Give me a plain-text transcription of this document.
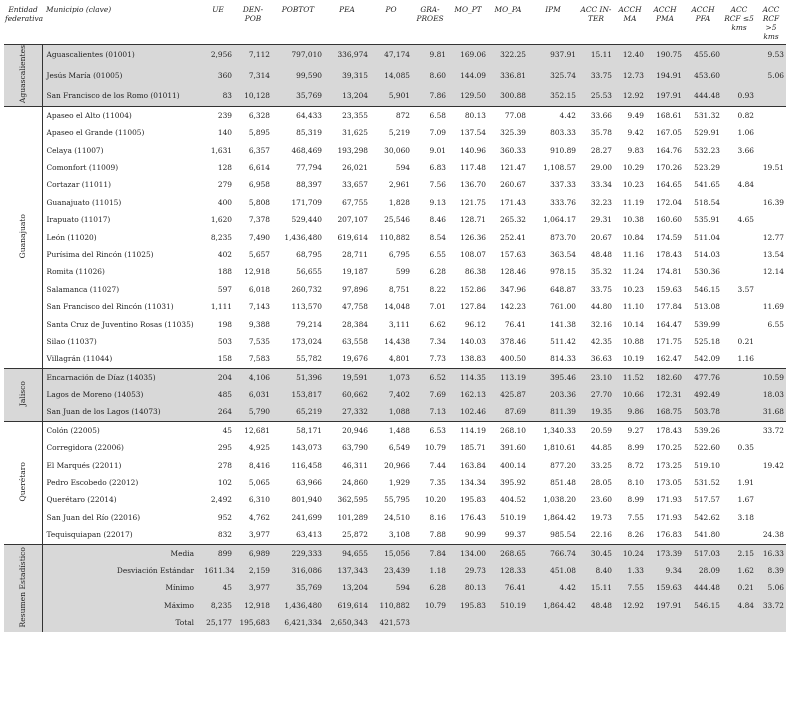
Entidad federativa	Municipio (clave)	UE	DEN-POB	POBTOT	PEA	PO	GRA-PROES	MO_PT	MO_PA	IPM	ACC IN-TER	ACCH MA	ACCH PMA	ACCH PFA	ACC RCF ≤5 kms	ACC RCF >5 kms
Aguascalientes	Aguascalientes (01001)	2,956	7,112	797,010	336,974	47,174	9.81	169.06	322.25	937.91	15.11	12.40	190.75	455.60		9.53
	Jesús María (01005)	360	7,314	99,590	39,315	14,085	8.60	144.09	336.81	325.74	33.75	12.73	194.91	453.60		5.06
	San Francisco de los Romo (01011)	83	10,128	35,769	13,204	5,901	7.86	129.50	300.88	352.15	25.53	12.92	197.91	444.48	0.93	
Guanajuato	Apaseo el Alto (11004)	239	6,328	64,433	23,355	872	6.58	80.13	77.08	4.42	33.66	9.49	168.61	531.32	0.82	
	Apaseo el Grande (11005)	140	5,895	85,319	31,625	5,219	7.09	137.54	325.39	803.33	35.78	9.42	167.05	529.91	1.06	
	Celaya (11007)	1,631	6,357	468,469	193,298	30,060	9.01	140.96	360.33	910.89	28.27	9.83	164.76	532.23	3.66	
	Comonfort (11009)	128	6,614	77,794	26,021	594	6.83	117.48	121.47	1,108.57	29.00	10.29	170.26	523.29		19.51
	Cortazar (11011)	279	6,958	88,397	33,657	2,961	7.56	136.70	260.67	337.33	33.34	10.23	164.65	541.65	4.84	
	Guanajuato (11015)	400	5,808	171,709	67,755	1,828	9.13	121.75	171.43	333.76	32.23	11.19	172.04	518.54		16.39
	Irapuato (11017)	1,620	7,378	529,440	207,107	25,546	8.46	128.71	265.32	1,064.17	29.31	10.38	160.60	535.91	4.65	
	León (11020)	8,235	7,490	1,436,480	619,614	110,882	8.54	126.36	252.41	873.70	20.67	10.84	174.59	511.04		12.77
	Purísima del Rincón (11025)	402	5,657	68,795	28,711	6,795	6.55	108.07	157.63	363.54	48.48	11.16	178.43	514.03		13.54
	Romita (11026)	188	12,918	56,655	19,187	599	6.28	86.38	128.46	978.15	35.32	11.24	174.81	530.36		12.14
	Salamanca (11027)	597	6,018	260,732	97,896	8,751	8.22	152.86	347.96	648.87	33.75	10.23	159.63	546.15	3.57	
	San Francisco del Rincón (11031)	1,111	7,143	113,570	47,758	14,048	7.01	127.84	142.23	761.00	44.80	11.10	177.84	513.08		11.69
	Santa Cruz de Juventino Rosas (11035)	198	9,388	79,214	28,384	3,111	6.62	96.12	76.41	141.38	32.16	10.14	164.47	539.99		6.55
	Silao (11037)	503	7,535	173,024	63,558	14,438	7.34	140.03	378.46	511.42	42.35	10.88	171.75	525.18	0.21	
	Villagrán (11044)	158	7,583	55,782	19,676	4,801	7.73	138.83	400.50	814.33	36.63	10.19	162.47	542.09	1.16	
Jalisco	Encarnación de Díaz (14035)	204	4,106	51,396	19,591	1,073	6.52	114.35	113.19	395.46	23.10	11.52	182.60	477.76		10.59
	Lagos de Moreno (14053)	485	6,031	153,817	60,662	7,402	7.69	162.13	425.87	203.36	27.70	10.66	172.31	492.49		18.03
	San Juan de los Lagos (14073)	264	5,790	65,219	27,332	1,088	7.13	102.46	87.69	811.39	19.35	9.86	168.75	503.78		31.68
Querétaro	Colón (22005)	45	12,681	58,171	20,946	1,488	6.53	114.19	268.10	1,340.33	20.59	9.27	178.43	539.26		33.72
	Corregidora (22006)	295	4,925	143,073	63,790	6,549	10.79	185.71	391.60	1,810.61	44.85	8.99	170.25	522.60	0.35	
	El Marqués (22011)	278	8,416	116,458	46,311	20,966	7.44	163.84	400.14	877.20	33.25	8.72	173.25	519.10		19.42
	Pedro Escobedo (22012)	102	5,065	63,966	24,860	1,929	7.35	134.34	395.92	851.48	28.05	8.10	173.05	531.52	1.91	
	Querétaro (22014)	2,492	6,310	801,940	362,595	55,795	10.20	195.83	404.52	1,038.20	23.60	8.99	171.93	517.57	1.67	
	San Juan del Río (22016)	952	4,762	241,699	101,289	24,510	8.16	176.43	510.19	1,864.42	19.73	7.55	171.93	542.62	3.18	
	Tequisquiapan (22017)	832	3,977	63,413	25,872	3,108	7.88	90.99	99.37	985.54	22.16	8.26	176.83	541.80		24.38
Resumen Estadístico	Media	899	6,989	229,333	94,655	15,056	7.84	134.00	268.65	766.74	30.45	10.24	173.39	517.03	2.15	16.33
	Desviación Estándar	1611.34	2,159	316,086	137,343	23,439	1.18	29.73	128.33	451.08	8.40	1.33	9.34	28.09	1.62	8.39
	Mínimo	45	3,977	35,769	13,204	594	6.28	80.13	76.41	4.42	15.11	7.55	159.63	444.48	0.21	5.06
	Máximo	8,235	12,918	1,436,480	619,614	110,882	10.79	195.83	510.19	1,864.42	48.48	12.92	197.91	546.15	4.84	33.72
	Total	25,177	195,683	6,421,334	2,650,343	421,573										
